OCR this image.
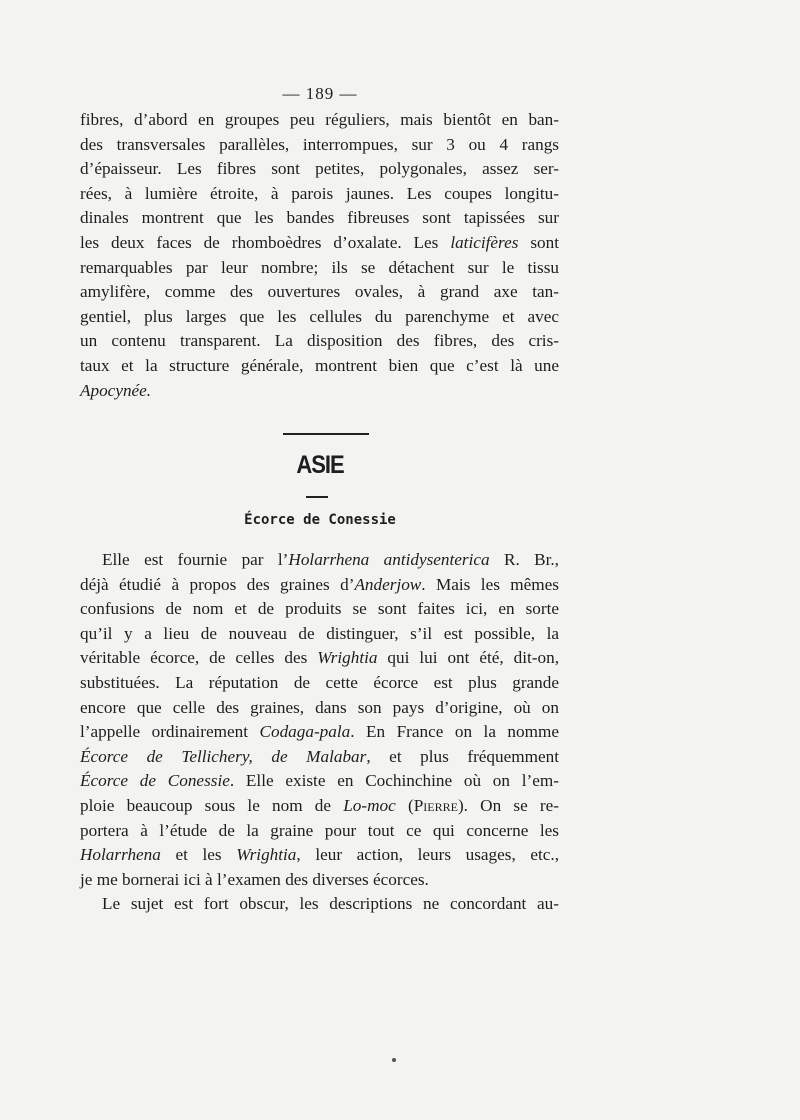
— 189 —
fibres, d’abord en groupes peu réguliers, mais bientôt en ban-
des transversales parallèles, interrompues, sur 3 ou 4 rangs
d’épaisseur. Les fibres sont petites, polygonales, assez ser-
rées, à lumière étroite, à parois jaunes. Les coupes longitu-
dinales montrent que les bandes fibreuses sont tapissées sur
les deux faces de rhomboèdres d’oxalate. Les laticifères sont
remarquables par leur nombre; ils se détachent sur le tissu
amylifère, comme des ouvertures ovales, à grand axe tan-
gentiel, plus larges que les cellules du parenchyme et avec
un contenu transparent. La disposition des fibres, des cris-
taux et la structure générale, montrent bien que c’est là une
Apocynée.
ASIE
Écorce de Conessie
Elle est fournie par l’Holarrhena antidysenterica R. Br.,
déjà étudié à propos des graines d’Anderjow. Mais les mêmes
confusions de nom et de produits se sont faites ici, en sorte
qu’il y a lieu de nouveau de distinguer, s’il est possible, la
véritable écorce, de celles des Wrightia qui lui ont été, dit-on,
substituées. La réputation de cette écorce est plus grande
encore que celle des graines, dans son pays d’origine, où on
l’appelle ordinairement Codaga-pala. En France on la nomme
Écorce de Tellichery, de Malabar, et plus fréquemment
Écorce de Conessie. Elle existe en Cochinchine où on l’em-
ploie beaucoup sous le nom de Lo-moc (Pierre). On se re-
portera à l’étude de la graine pour tout ce qui concerne les
Holarrhena et les Wrightia, leur action, leurs usages, etc.,
je me bornerai ici à l’examen des diverses écorces.
Le sujet est fort obscur, les descriptions ne concordant au-
